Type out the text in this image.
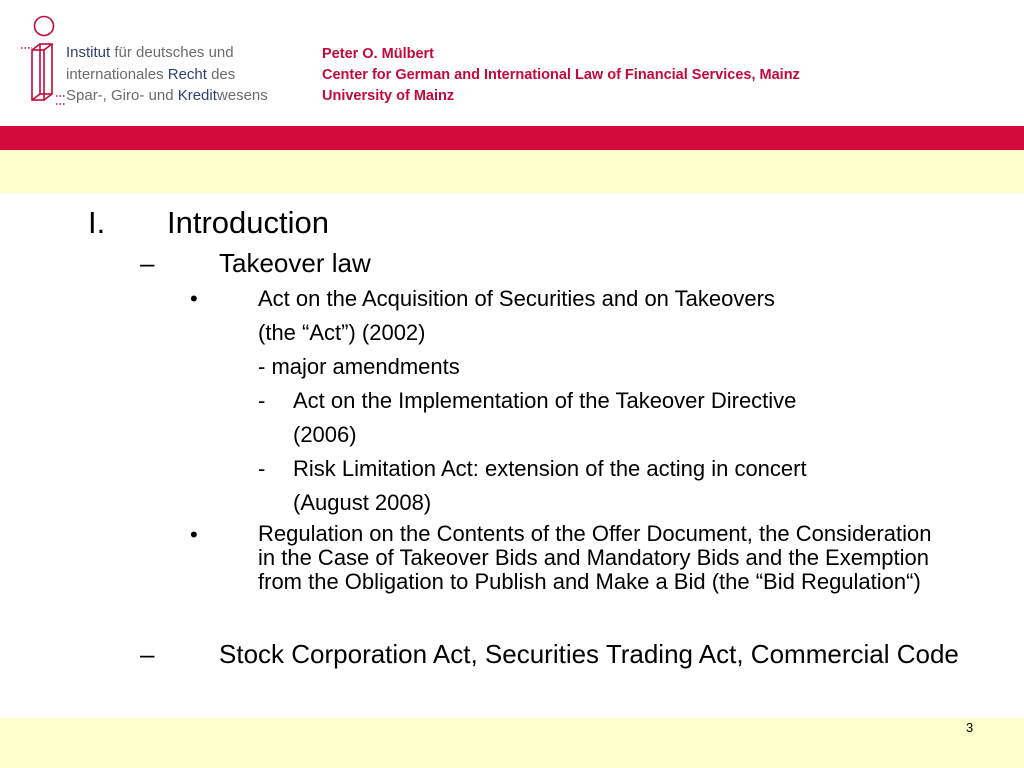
Institut für deutsches und
internationales Recht des
Spar-, Giro- und Kreditwesens
Peter O. Mülbert
Center for German and International Law of Financial Services, Mainz
University of Mainz
I. Introduction
– Takeover law
•	Act on the Acquisition of Securities and on Takeovers
(the “Act”) (2002)
- major amendments
- Act on the Implementation of the Takeover Directive
(2006)
- Risk Limitation Act: extension of the acting in concert
(August 2008)
•	Regulation on the Contents of the Offer Document, the Consideration in the Case of Takeover Bids and Mandatory Bids and the Exemption from the Obligation to Publish and Make a Bid (the “Bid Regulation“)
– Stock Corporation Act, Securities Trading Act, Commercial Code
3
